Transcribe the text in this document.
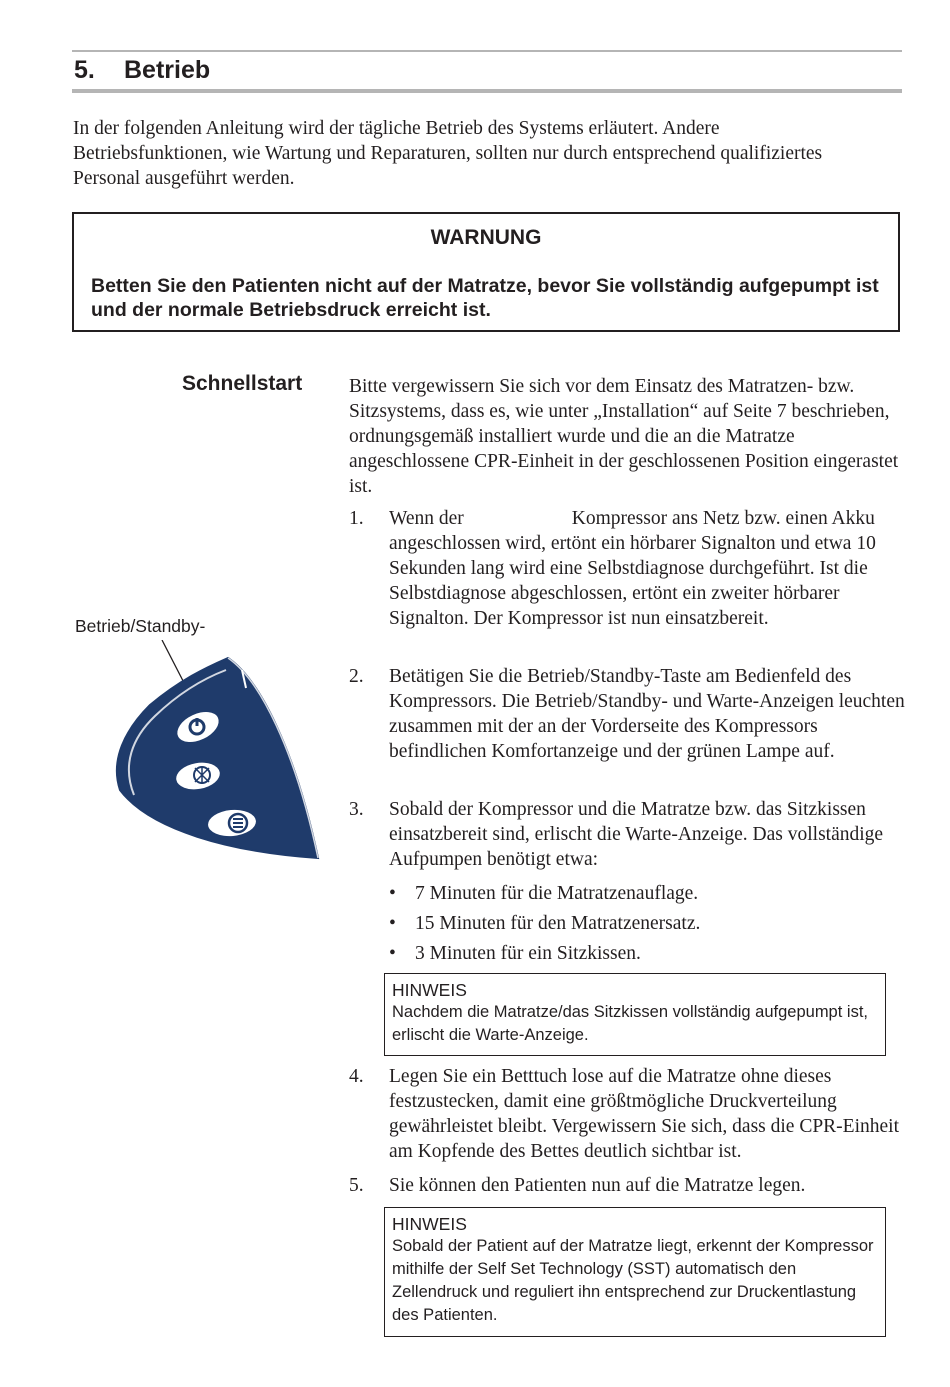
5. Betrieb
In der folgenden Anleitung wird der tägliche Betrieb des Systems erläutert. Andere Betriebsfunktionen, wie Wartung und Reparaturen, sollten nur durch entsprechend qualifiziertes Personal ausgeführt werden.
WARNUNG
Betten Sie den Patienten nicht auf der Matratze, bevor Sie vollständig aufgepumpt ist und der normale Betriebsdruck erreicht ist.
Schnellstart
Betrieb/Standby-
Bitte vergewissern Sie sich vor dem Einsatz des Matratzen- bzw. Sitzsystems, dass es, wie unter „Installation“ auf Seite 7 beschrieben, ordnungsgemäß installiert wurde und die an die Matratze angeschlossene CPR-Einheit in der geschlossenen Position eingerastet ist.
1. Wenn der	Kompressor ans Netz bzw. einen Akku angeschlossen wird, ertönt ein hörbarer Signalton und etwa 10 Sekunden lang wird eine Selbstdiagnose durchgeführt. Ist die Selbstdiagnose abgeschlossen, ertönt ein zweiter hörbarer Signalton. Der Kompressor ist nun einsatzbereit.
2. Betätigen Sie die Betrieb/Standby-Taste am Bedienfeld des Kompressors. Die Betrieb/Standby- und Warte-Anzeigen leuchten zusammen mit der an der Vorderseite des Kompressors befindlichen Komfortanzeige und der grünen Lampe auf.
3. Sobald der Kompressor und die Matratze bzw. das Sitzkissen einsatzbereit sind, erlischt die Warte-Anzeige. Das vollständige Aufpumpen benötigt etwa:
• 7 Minuten für die Matratzenauflage.
• 15 Minuten für den Matratzenersatz.
• 3 Minuten für ein Sitzkissen.
HINWEIS
Nachdem die Matratze/das Sitzkissen vollständig aufgepumpt ist, erlischt die Warte-Anzeige.
4. Legen Sie ein Betttuch lose auf die Matratze ohne dieses festzustecken, damit eine größtmögliche Druckverteilung gewährleistet bleibt. Vergewissern Sie sich, dass die CPR-Einheit am Kopfende des Bettes deutlich sichtbar ist.
5. Sie können den Patienten nun auf die Matratze legen.
HINWEIS
Sobald der Patient auf der Matratze liegt, erkennt der Kompressor mithilfe der Self Set Technology (SST) automatisch den Zellendruck und reguliert ihn entsprechend zur Druckentlastung des Patienten.
